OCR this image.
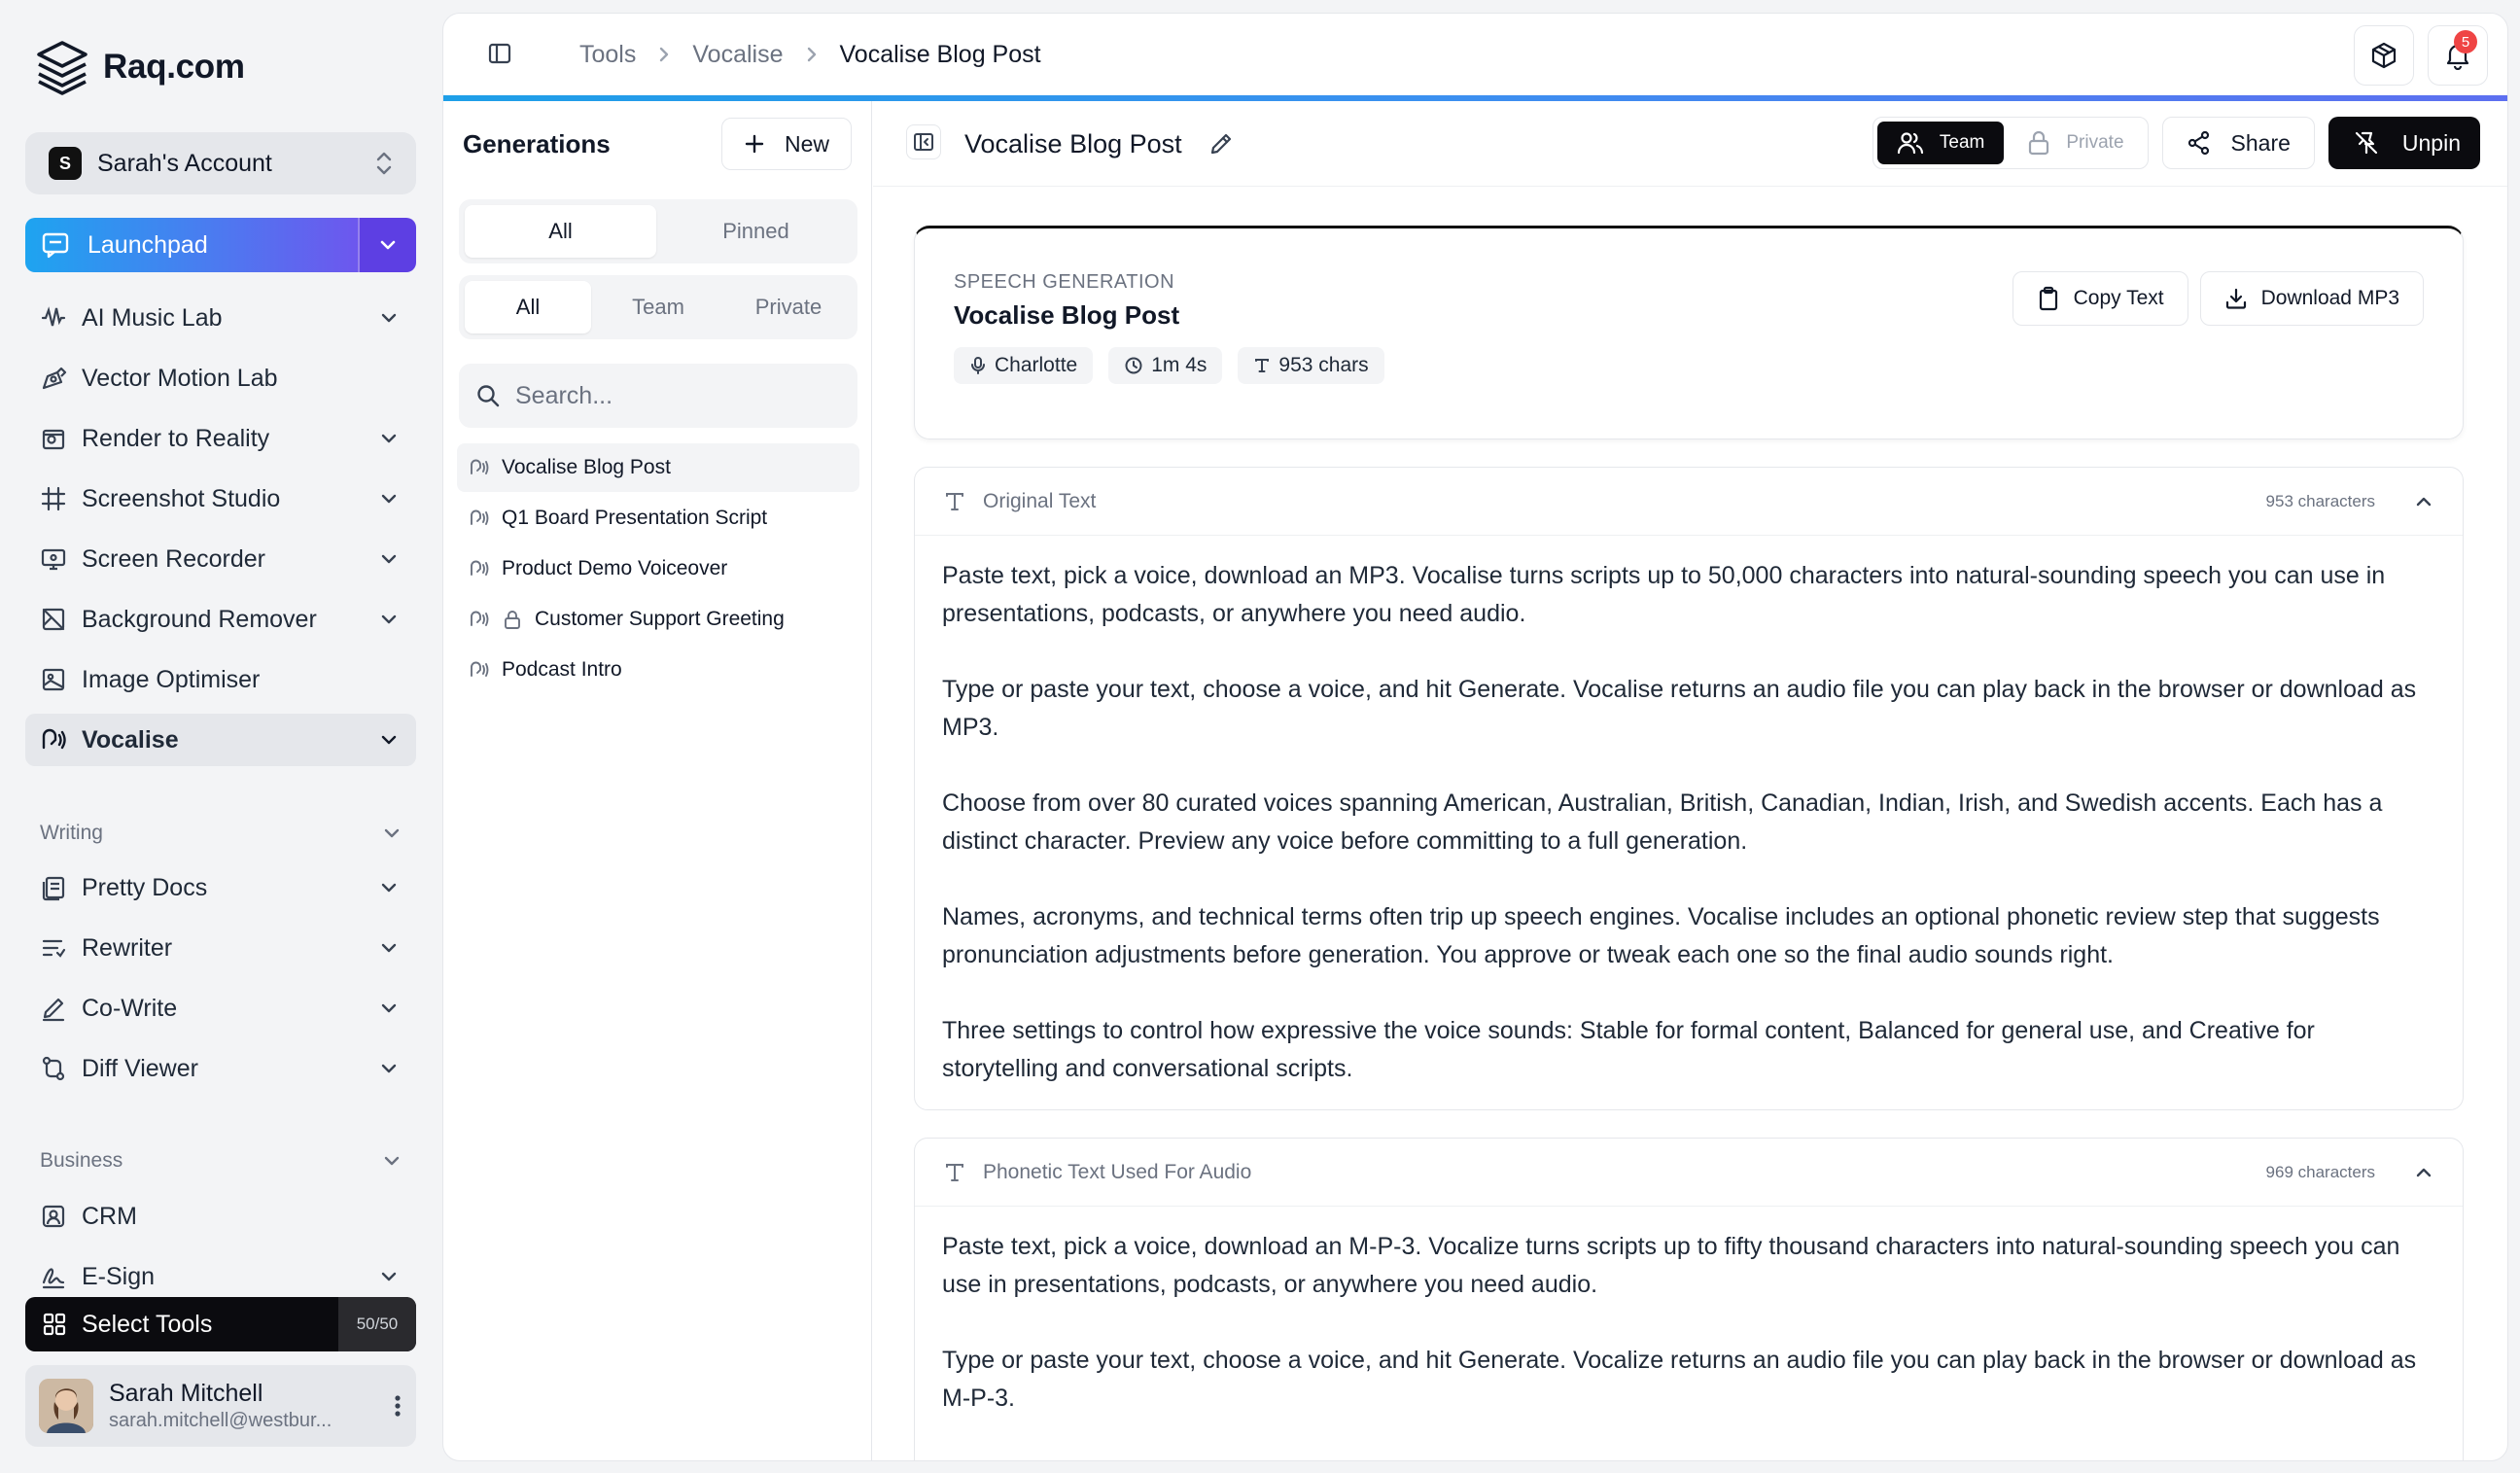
Raq.com
S	Sarah's Account
Launchpad
AI Music Lab
Vector Motion Lab
Render to Reality
Screenshot Studio
Screen Recorder
Background Remover
Image Optimiser
Vocalise
Writing
Pretty Docs
Rewriter
Co-Write
Diff Viewer
Business
CRM
E-Sign
Select Tools	50/50
Sarah Mitchell
sarah.mitchell@westbur...
Tools Vocalise Vocalise Blog Post	5
Generations	New
All	Pinned
All	Team	Private
Search...
Vocalise Blog Post
Q1 Board Presentation Script
Product Demo Voiceover
Customer Support Greeting
Podcast Intro
Vocalise Blog Post	Team	Private	Share	Unpin
SPEECH GENERATION
Vocalise Blog Post
Charlotte	1m 4s	953 chars
Copy Text	Download MP3
Original Text	953 characters

Paste text, pick a voice, download an MP3. Vocalise turns scripts up to 50,000 characters into natural-sounding speech you can use in presentations, podcasts, or anywhere you need audio.

Type or paste your text, choose a voice, and hit Generate. Vocalise returns an audio file you can play back in the browser or download as MP3.

Choose from over 80 curated voices spanning American, Australian, British, Canadian, Indian, Irish, and Swedish accents. Each has a distinct character. Preview any voice before committing to a full generation.

Names, acronyms, and technical terms often trip up speech engines. Vocalise includes an optional phonetic review step that suggests pronunciation adjustments before generation. You approve or tweak each one so the final audio sounds right.

Three settings to control how expressive the voice sounds: Stable for formal content, Balanced for general use, and Creative for storytelling and conversational scripts.

Phonetic Text Used For Audio	969 characters

Paste text, pick a voice, download an M-P-3. Vocalize turns scripts up to fifty thousand characters into natural-sounding speech you can use in presentations, podcasts, or anywhere you need audio.

Type or paste your text, choose a voice, and hit Generate. Vocalize returns an audio file you can play back in the browser or download as M-P-3.
